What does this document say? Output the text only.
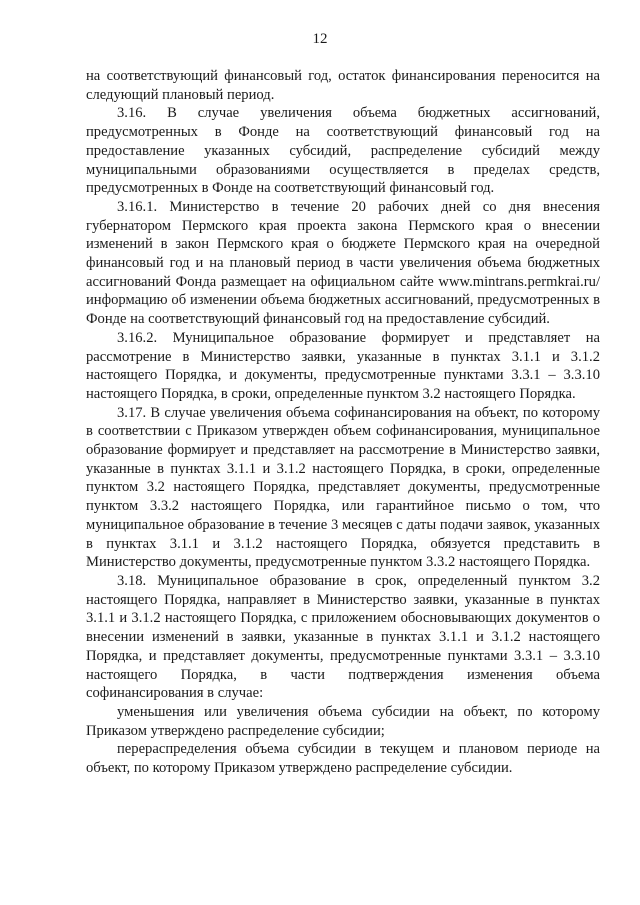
12

на соответствующий финансовый год, остаток финансирования переносится на следующий плановый период.

3.16. В случае увеличения объема бюджетных ассигнований, предусмотренных в Фонде на соответствующий финансовый год на предоставление указанных субсидий, распределение субсидий между муниципальными образованиями осуществляется в пределах средств, предусмотренных в Фонде на соответствующий финансовый год.

3.16.1. Министерство в течение 20 рабочих дней со дня внесения губернатором Пермского края проекта закона Пермского края о внесении изменений в закон Пермского края о бюджете Пермского края на очередной финансовый год и на плановый период в части увеличения объема бюджетных ассигнований Фонда размещает на официальном сайте www.mintrans.permkrai.ru/ информацию об изменении объема бюджетных ассигнований, предусмотренных в Фонде на соответствующий финансовый год на предоставление субсидий.

3.16.2. Муниципальное образование формирует и представляет на рассмотрение в Министерство заявки, указанные в пунктах 3.1.1 и 3.1.2 настоящего Порядка, и документы, предусмотренные пунктами 3.3.1 – 3.3.10 настоящего Порядка, в сроки, определенные пунктом 3.2 настоящего Порядка.

3.17. В случае увеличения объема софинансирования на объект, по которому в соответствии с Приказом утвержден объем софинансирования, муниципальное образование формирует и представляет на рассмотрение в Министерство заявки, указанные в пунктах 3.1.1 и 3.1.2 настоящего Порядка, в сроки, определенные пунктом 3.2 настоящего Порядка, представляет документы, предусмотренные пунктом 3.3.2 настоящего Порядка, или гарантийное письмо о том, что муниципальное образование в течение 3 месяцев с даты подачи заявок, указанных в пунктах 3.1.1 и 3.1.2 настоящего Порядка, обязуется представить в Министерство документы, предусмотренные пунктом 3.3.2 настоящего Порядка.

3.18. Муниципальное образование в срок, определенный пунктом 3.2 настоящего Порядка, направляет в Министерство заявки, указанные в пунктах 3.1.1 и 3.1.2 настоящего Порядка, с приложением обосновывающих документов о внесении изменений в заявки, указанные в пунктах 3.1.1 и 3.1.2 настоящего Порядка, и представляет документы, предусмотренные пунктами 3.3.1 – 3.3.10 настоящего Порядка, в части подтверждения изменения объема софинансирования в случае:

уменьшения или увеличения объема субсидии на объект, по которому Приказом утверждено распределение субсидии;

перераспределения объема субсидии в текущем и плановом периоде на объект, по которому Приказом утверждено распределение субсидии.
